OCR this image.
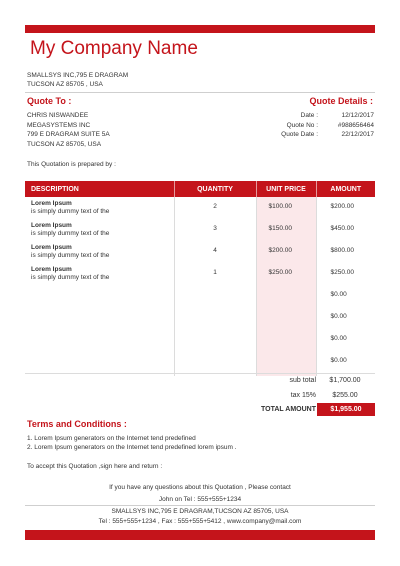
My Company Name
SMALLSYS INC,795 E DRAGRAM
TUCSON AZ 85705 , USA
Quote To :
CHRIS NISWANDEE
MEGASYSTEMS INC
799 E DRAGRAM SUITE 5A
TUCSON AZ 85705, USA
Quote Details :
Date :	12/12/2017
Quote No :	#988656464
Quote Date :	22/12/2017
This Quotation is prepared by :
DESCRIPTION	QUANTITY	UNIT PRICE	AMOUNT

Lorem Ipsum
is simply dummy text of the	2	$100.00	$200.00

Lorem Ipsum
is simply dummy text of the	3	$150.00	$450.00

Lorem Ipsum
is simply dummy text of the	4	$200.00	$800.00

Lorem Ipsum
is simply dummy text of the	1	$250.00	$250.00

			$0.00

			$0.00

			$0.00

			$0.00

sub total	$1,700.00
tax 15%	$255.00
TOTAL AMOUNT	$1,955.00
Terms and Conditions :
1. Lorem Ipsum generators on the Internet tend predefined
2. Lorem Ipsum generators on the Internet tend predefined lorem ipsum .
To accept this Quotation ,sign here and return :
If you have any questions about this Quotation , Please contact
John on Tel : 555+555+1234
SMALLSYS INC,795 E DRAGRAM,TUCSON AZ 85705, USA
Tel : 555+555+1234 , Fax : 555+555+5412 , www.company@mail.com
